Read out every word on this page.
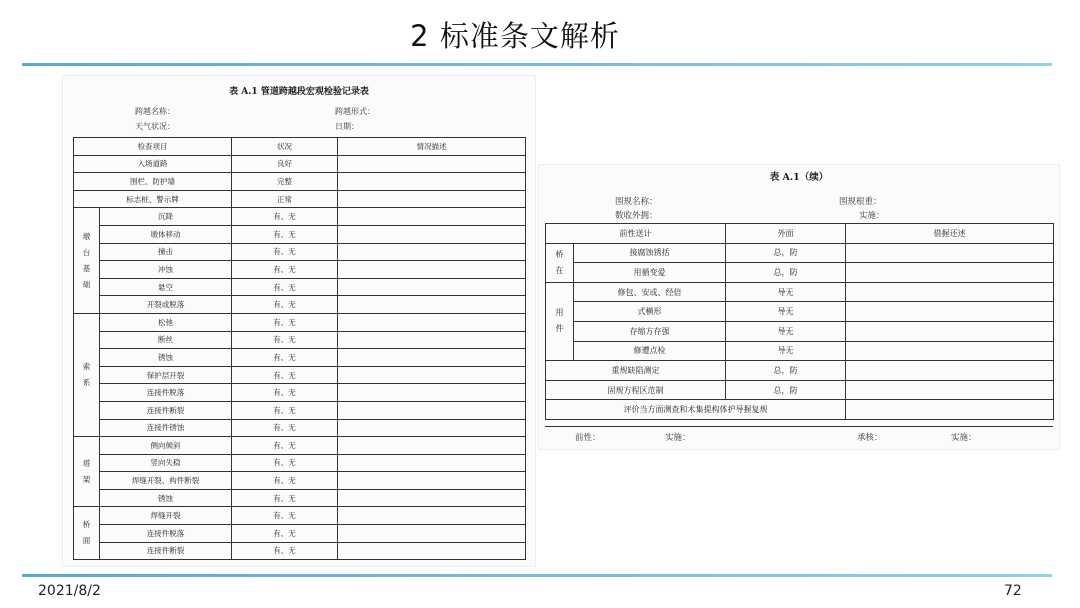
2 标准条文解析
表 A.1 管道跨越段宏观检验记录表
跨越名称：	跨越形式：
天气状况：	日期：
检查项目		状况	情况描述
入场道路		良好	
围栏、防护墙		完整	
标志桩、警示牌		正常	

墩
台
基
础	沉降	有、无	
	墩体移动	有、无	
	撞击	有、无	
	冲蚀	有、无	
	悬空	有、无	
	开裂或脱落	有、无	

索
系	松弛	有、无	
	断丝	有、无	
	锈蚀	有、无	
	保护层开裂	有、无	
	连接件脱落	有、无	
	连接件断裂	有、无	
	连接件锈蚀	有、无	

塔
架	侧向倾斜	有、无	
	竖向失稳	有、无	
	焊缝开裂、构件断裂	有、无	
	锈蚀	有、无	

桥
面	焊缝开裂	有、无	
	连接件脱落	有、无	
	连接件断裂	有、无	
表 A.1（续）
围规名称：	围规根重：
数收外拥：	实施：
前性送计		外面	借握还述

桥
在	接腐蚀锈括	总，防	
	用循变爱	总，防	

用
件	修包、安或、经倍	导无	
	式横形	导无	
	存缩方存强	导无	
	修遭点检	导无	
重规缺陷测定		总，防	
固规方程区范制		总，防	
评价当方面测查和术集提构体护导握复规			
前性：	实施：	承核：	实施：
2021/8/2	72
